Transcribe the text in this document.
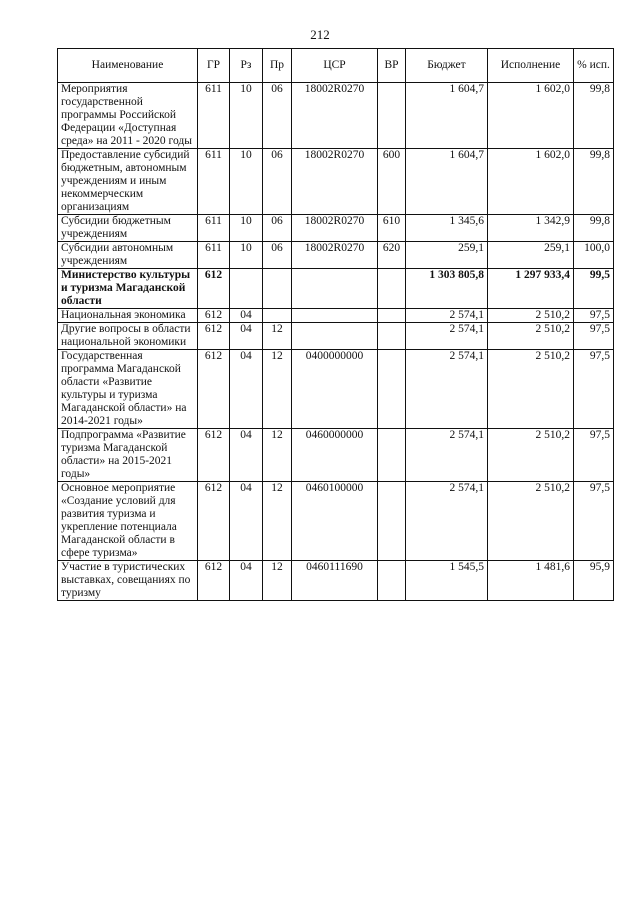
212
Наименование	ГР	Рз	Пр	ЦСР	ВР	Бюджет	Исполнение	% исп.
Мероприятия государственной программы Российской Федерации «Доступная среда» на 2011 - 2020 годы	611	10	06	18002R0270		1 604,7	1 602,0	99,8
Предоставление субсидий бюджетным, автономным учреждениям и иным некоммерческим организациям	611	10	06	18002R0270	600	1 604,7	1 602,0	99,8
Субсидии бюджетным учреждениям	611	10	06	18002R0270	610	1 345,6	1 342,9	99,8
Субсидии автономным учреждениям	611	10	06	18002R0270	620	259,1	259,1	100,0
Министерство культуры и туризма Магаданской области	612					1 303 805,8	1 297 933,4	99,5
Национальная экономика	612	04				2 574,1	2 510,2	97,5
Другие вопросы в области национальной экономики	612	04	12			2 574,1	2 510,2	97,5
Государственная программа Магаданской области «Развитие культуры и туризма Магаданской области» на 2014-2021 годы»	612	04	12	0400000000		2 574,1	2 510,2	97,5
Подпрограмма «Развитие туризма Магаданской области» на 2015-2021 годы»	612	04	12	0460000000		2 574,1	2 510,2	97,5
Основное мероприятие «Создание условий для развития туризма и укрепление потенциала Магаданской области в сфере туризма»	612	04	12	0460100000		2 574,1	2 510,2	97,5
Участие в туристических выставках, совещаниях по туризму	612	04	12	0460111690		1 545,5	1 481,6	95,9
